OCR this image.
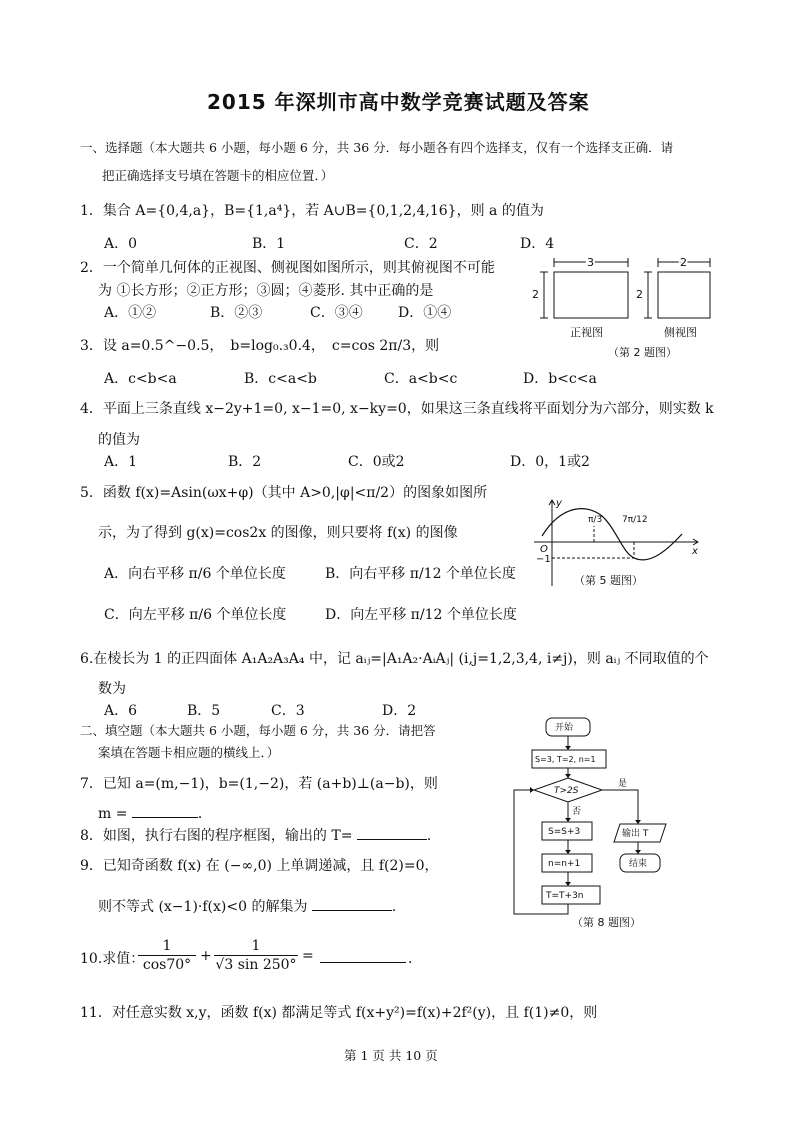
2015 年深圳市高中数学竞赛试题及答案
一、选择题（本大题共 6 小题，每小题 6 分，共 36 分．每小题各有四个选择支，仅有一个选择支正确．请
把正确选择支号填在答题卡的相应位置．）
1．集合 A={0,4,a}，B={1,a⁴}，若 A∪B={0,1,2,4,16}，则 a 的值为
A．0	B．1	C．2	D．4
2．一个简单几何体的正视图、侧视图如图所示，则其俯视图不可能
为 ①长方形；②正方形；③圆；④菱形. 其中正确的是
A．①②	B．②③	C．③④	D．①④
3	2
2	2
正视图	侧视图
（第 2 题图）
3．设 a=0.5^−0.5，　b=log₀.₃0.4，　c=cos 2π/3，则
A．c<b<a	B．c<a<b	C．a<b<c	D．b<c<a
4．平面上三条直线 x−2y+1=0, x−1=0, x−ky=0，如果这三条直线将平面划分为六部分，则实数 k
的值为
A．1	B．2	C．0或2	D．0，1或2
5．函数 f(x)=Asin(ωx+φ)（其中 A>0,|φ|<π/2）的图象如图所
示，为了得到 g(x)=cos2x 的图像，则只要将 f(x) 的图像
A．向右平移 π/6 个单位长度	B．向右平移 π/12 个单位长度
C．向左平移 π/6 个单位长度	D．向左平移 π/12 个单位长度
y
x
O
−1
π/3 7π/12
（第 5 题图）
6.在棱长为 1 的正四面体 A₁A₂A₃A₄ 中，记 aᵢⱼ=|A₁A₂·AᵢAⱼ| (i,j=1,2,3,4, i≠j)，则 aᵢⱼ 不同取值的个
数为
A．6	B．5	C．3	D．2
二、填空题（本大题共 6 小题，每小题 6 分，共 36 分．请把答
案填在答题卡相应题的横线上．）
7．已知 a=(m,−1)，b=(1,−2)，若 (a+b)⊥(a−b)，则
m =	．
8．如图，执行右图的程序框图，输出的 T=	．
9．已知奇函数 f(x) 在 (−∞,0) 上单调递减，且 f(2)=0，
则不等式 (x−1)·f(x)<0 的解集为	．
开始
S=3, T=2, n=1
T>2S
是
否
S=S+3	输出 T
n=n+1	结束
T=T+3n
（第 8 题图）
10.求值：
1
cos70°
+
1
√3 sin 250°
=	．
11．对任意实数 x,y，函数 f(x) 都满足等式 f(x+y²)=f(x)+2f²(y)，且 f(1)≠0，则
第 1 页 共 10 页
